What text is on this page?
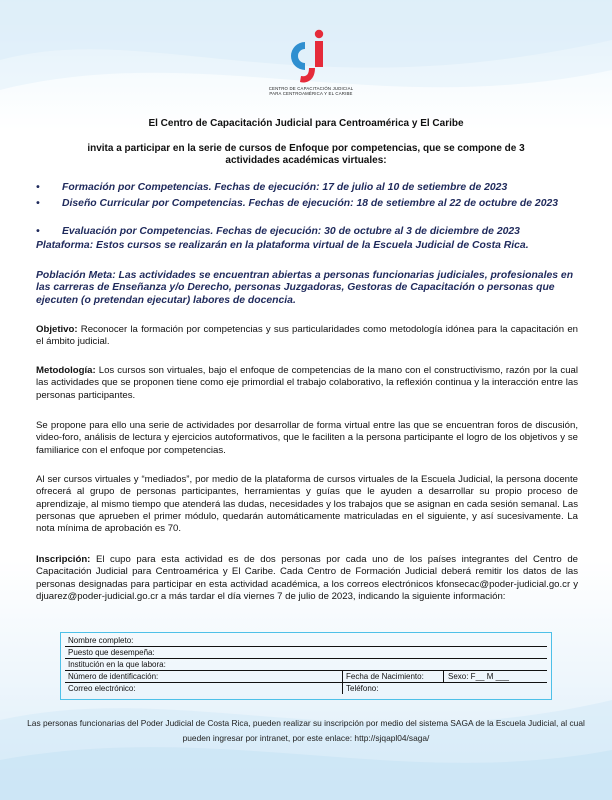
CENTRO DE CAPACITACIÓN JUDICIAL
PARA CENTROAMÉRICA Y EL CARIBE
El Centro de Capacitación Judicial para Centroamérica y El Caribe
invita a participar en la serie de cursos de Enfoque por competencias, que se compone de 3 actividades académicas virtuales:
• Formación por Competencias. Fechas de ejecución: 17 de julio al 10 de setiembre de 2023
• Diseño Curricular por Competencias. Fechas de ejecución: 18 de setiembre al 22 de octubre de 2023
• Evaluación por Competencias. Fechas de ejecución: 30 de octubre al 3 de diciembre de 2023
Plataforma: Estos cursos se realizarán en la plataforma virtual de la Escuela Judicial de Costa Rica.
Población Meta: Las actividades se encuentran abiertas a personas funcionarias judiciales, profesionales en las carreras de Enseñanza y/o Derecho, personas Juzgadoras, Gestoras de Capacitación o personas que ejecuten (o pretendan ejecutar) labores de docencia.
Objetivo: Reconocer la formación por competencias y sus particularidades como metodología idónea para la capacitación en el ámbito judicial.
Metodología: Los cursos son virtuales, bajo el enfoque de competencias de la mano con el constructivismo, razón por la cual las actividades que se proponen tiene como eje primordial el trabajo colaborativo, la reflexión continua y la interacción entre las personas participantes.
Se propone para ello una serie de actividades por desarrollar de forma virtual entre las que se encuentran foros de discusión, video-foro, análisis de lectura y ejercicios autoformativos, que le faciliten a la persona participante el logro de los objetivos y se familiarice con el enfoque por competencias.
Al ser cursos virtuales y “mediados”, por medio de la plataforma de cursos virtuales de la Escuela Judicial, la persona docente ofrecerá al grupo de personas participantes, herramientas y guías que le ayuden a desarrollar su propio proceso de aprendizaje, al mismo tiempo que atenderá las dudas, necesidades y los trabajos que se asignan en cada sesión semanal. Las personas que aprueben el primer módulo, quedarán automáticamente matriculadas en el siguiente, y así sucesivamente. La nota mínima de aprobación es 70.
Inscripción: El cupo para esta actividad es de dos personas por cada uno de los países integrantes del Centro de Capacitación Judicial para Centroamérica y El Caribe. Cada Centro de Formación Judicial deberá remitir los datos de las personas designadas para participar en esta actividad académica, a los correos electrónicos kfonsecac@poder-judicial.go.cr y djuarez@poder-judicial.go.cr a más tardar el día viernes 7 de julio de 2023, indicando la siguiente información:
Nombre completo:
Puesto que desempeña:
Institución en la que labora:
Número de identificación:	Fecha de Nacimiento:	Sexo: F__ M ___
Correo electrónico:	Teléfono:
Las personas funcionarias del Poder Judicial de Costa Rica, pueden realizar su inscripción por medio del sistema SAGA de la Escuela Judicial, al cual pueden ingresar por intranet, por este enlace: http://sjqapl04/saga/
